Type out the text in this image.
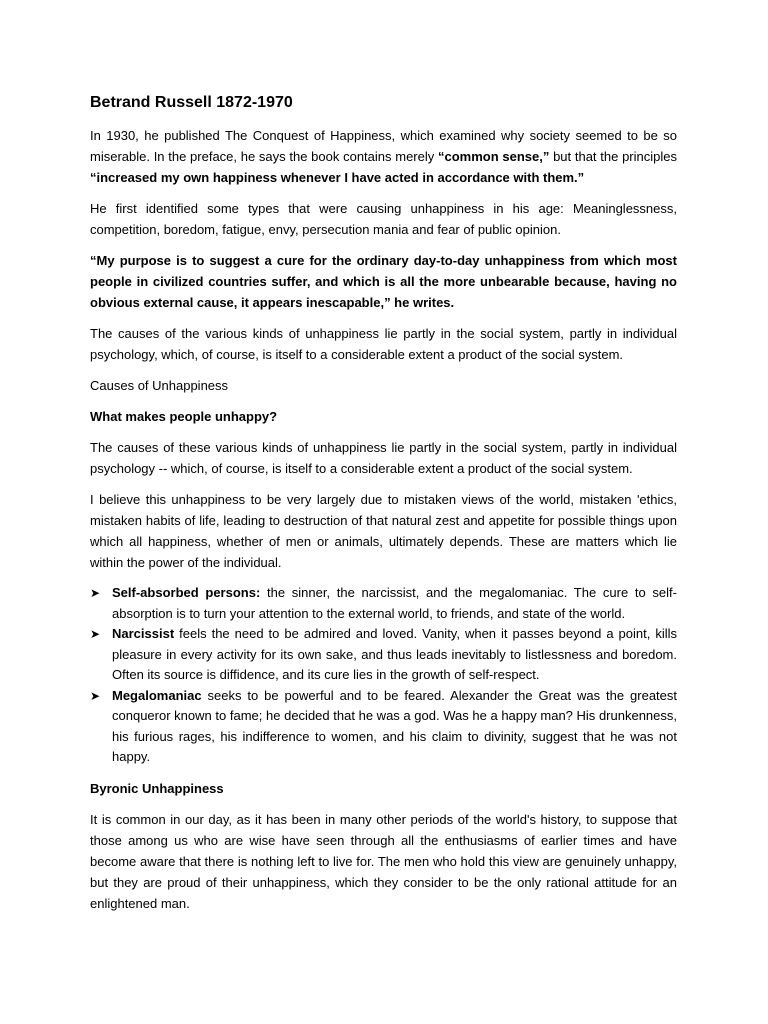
Betrand Russell 1872-1970

In 1930, he published The Conquest of Happiness, which examined why society seemed to be so miserable. In the preface, he says the book contains merely “common sense,” but that the principles “increased my own happiness whenever I have acted in accordance with them.”

He first identified some types that were causing unhappiness in his age: Meaninglessness, competition, boredom, fatigue, envy, persecution mania and fear of public opinion.

“My purpose is to suggest a cure for the ordinary day-to-day unhappiness from which most people in civilized countries suffer, and which is all the more unbearable because, having no obvious external cause, it appears inescapable,” he writes.

The causes of the various kinds of unhappiness lie partly in the social system, partly in individual psychology, which, of course, is itself to a considerable extent a product of the social system.

Causes of Unhappiness
What makes people unhappy?

The causes of these various kinds of unhappiness lie partly in the social system, partly in individual psychology -- which, of course, is itself to a considerable extent a product of the social system.

I believe this unhappiness to be very largely due to mistaken views of the world, mistaken 'ethics, mistaken habits of life, leading to destruction of that natural zest and appetite for possible things upon which all happiness, whether of men or animals, ultimately depends. These are matters which lie within the power of the individual.

➤ Self-absorbed persons: the sinner, the narcissist, and the megalomaniac. The cure to self-absorption is to turn your attention to the external world, to friends, and state of the world.
➤ Narcissist feels the need to be admired and loved. Vanity, when it passes beyond a point, kills pleasure in every activity for its own sake, and thus leads inevitably to listlessness and boredom. Often its source is diffidence, and its cure lies in the growth of self-respect.
➤ Megalomaniac seeks to be powerful and to be feared. Alexander the Great was the greatest conqueror known to fame; he decided that he was a god. Was he a happy man? His drunkenness, his furious rages, his indifference to women, and his claim to divinity, suggest that he was not happy.
Byronic Unhappiness

It is common in our day, as it has been in many other periods of the world's history, to suppose that those among us who are wise have seen through all the enthusiasms of earlier times and have become aware that there is nothing left to live for. The men who hold this view are genuinely unhappy, but they are proud of their unhappiness, which they consider to be the only rational attitude for an enlightened man.
